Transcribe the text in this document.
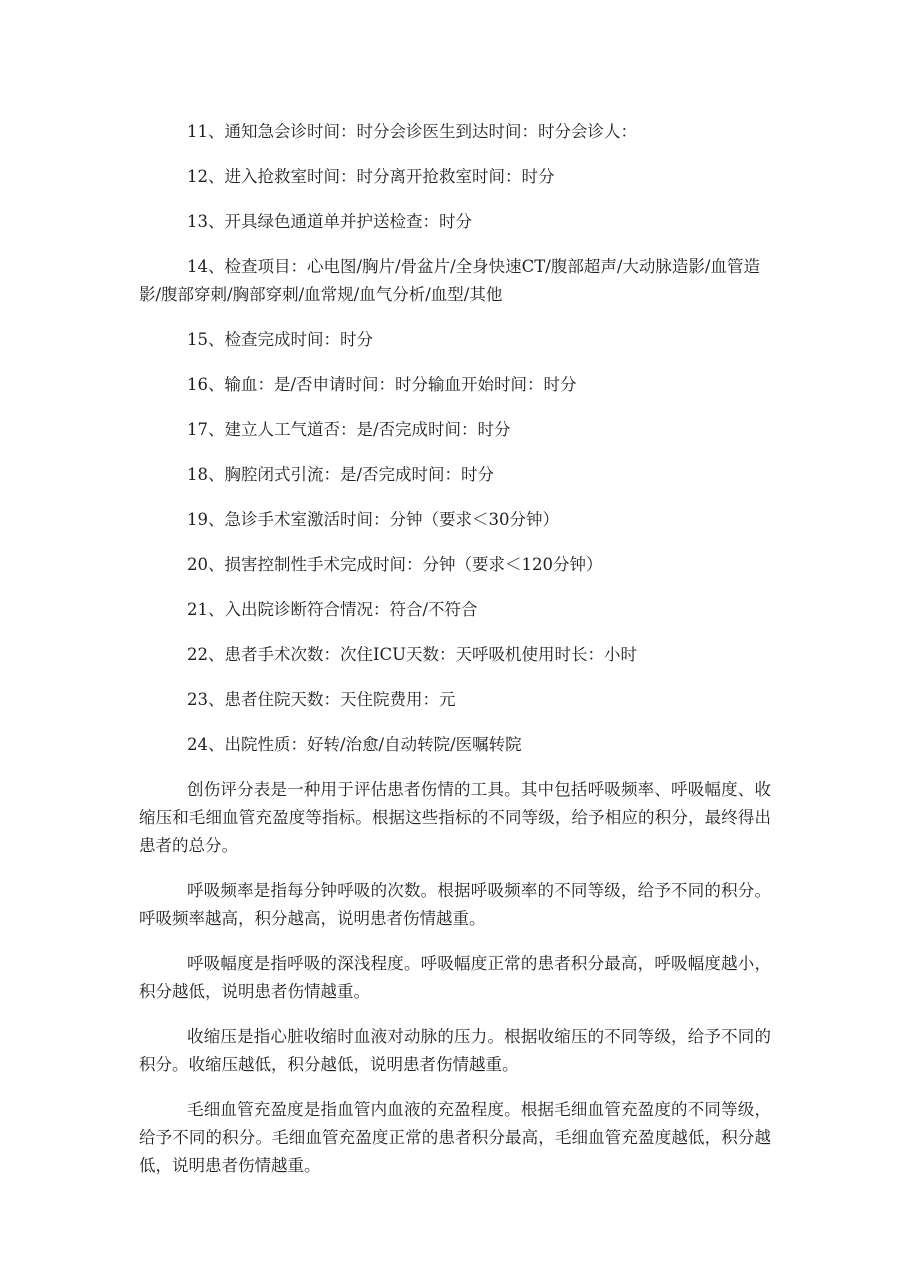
11、通知急会诊时间：时分会诊医生到达时间：时分会诊人：

12、进入抢救室时间：时分离开抢救室时间：时分

13、开具绿色通道单并护送检查：时分

14、检查项目：心电图/胸片/骨盆片/全身快速CT/腹部超声/大动脉造影/血管造影/腹部穿刺/胸部穿刺/血常规/血气分析/血型/其他

15、检查完成时间：时分

16、输血：是/否申请时间：时分输血开始时间：时分

17、建立人工气道否：是/否完成时间：时分

18、胸腔闭式引流：是/否完成时间：时分

19、急诊手术室激活时间：分钟（要求＜30分钟）

20、损害控制性手术完成时间：分钟（要求＜120分钟）

21、入出院诊断符合情况：符合/不符合

22、患者手术次数：次住ICU天数：天呼吸机使用时长：小时

23、患者住院天数：天住院费用：元

24、出院性质：好转/治愈/自动转院/医嘱转院

创伤评分表是一种用于评估患者伤情的工具。其中包括呼吸频率、呼吸幅度、收缩压和毛细血管充盈度等指标。根据这些指标的不同等级，给予相应的积分，最终得出患者的总分。

呼吸频率是指每分钟呼吸的次数。根据呼吸频率的不同等级，给予不同的积分。呼吸频率越高，积分越高，说明患者伤情越重。

呼吸幅度是指呼吸的深浅程度。呼吸幅度正常的患者积分最高，呼吸幅度越小，积分越低，说明患者伤情越重。

收缩压是指心脏收缩时血液对动脉的压力。根据收缩压的不同等级，给予不同的积分。收缩压越低，积分越低，说明患者伤情越重。

毛细血管充盈度是指血管内血液的充盈程度。根据毛细血管充盈度的不同等级，给予不同的积分。毛细血管充盈度正常的患者积分最高，毛细血管充盈度越低，积分越低，说明患者伤情越重。
